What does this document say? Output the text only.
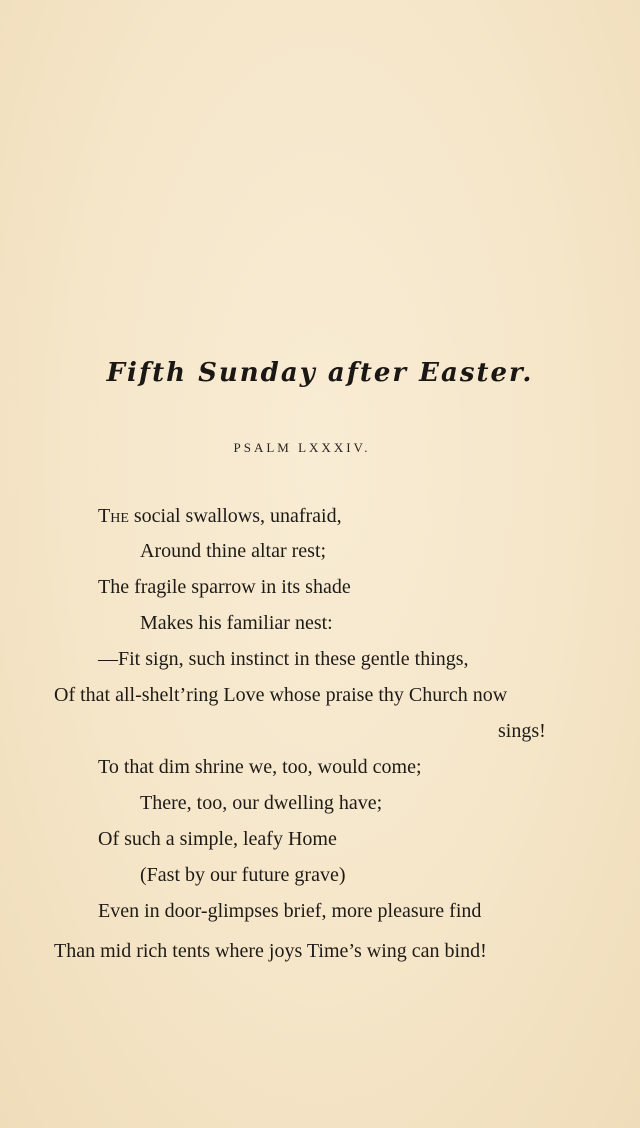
Fifth Sunday after Easter.
PSALM LXXXIV.
The social swallows, unafraid,
Around thine altar rest;
The fragile sparrow in its shade
Makes his familiar nest:
—Fit sign, such instinct in these gentle things,
Of that all-shelt’ring Love whose praise thy Church now
sings!
To that dim shrine we, too, would come;
There, too, our dwelling have;
Of such a simple, leafy Home
(Fast by our future grave)
Even in door-glimpses brief, more pleasure find
Than mid rich tents where joys Time’s wing can bind!
